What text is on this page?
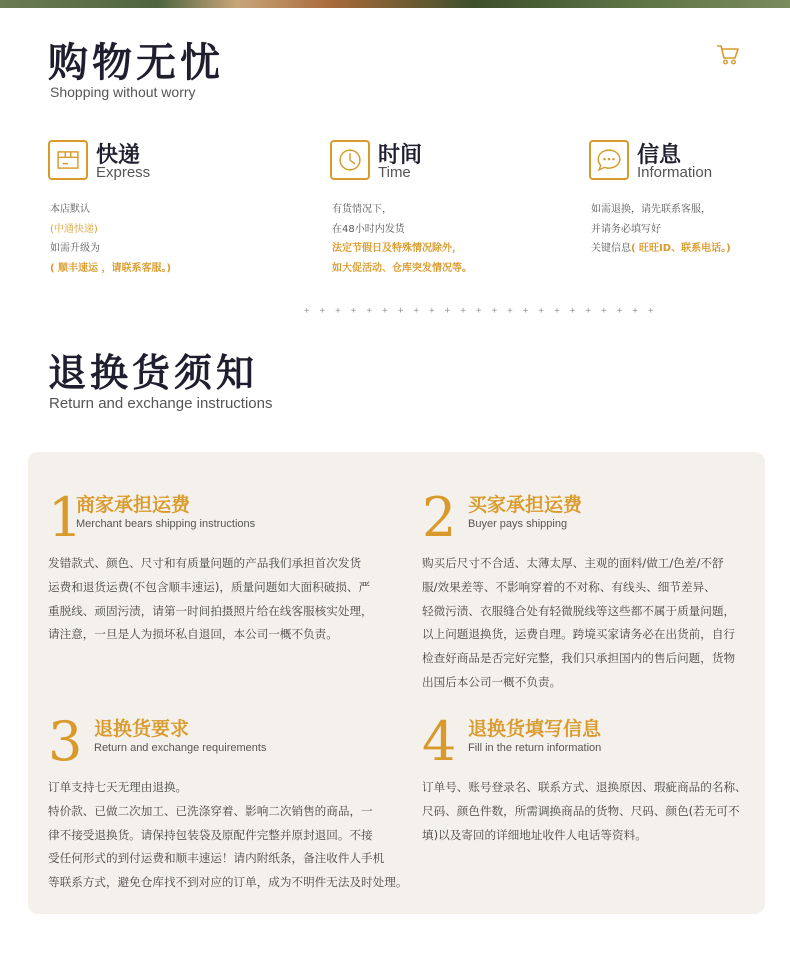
购物无忧
Shopping without worry
快递
Express
本店默认
(中通快递)
如需升级为
( 顺丰速运 ，请联系客服。)
时间
Time
有货情况下，
在48小时内发货
法定节假日及特殊情况除外，
如大促活动、仓库突发情况等。
信息
Information
如需退换，请先联系客服，
并请务必填写好
关键信息( 旺旺ID、联系电话。)
+ + + + + + + + + + + + + + + + + + + + + + +
退换货须知
Return and exchange instructions
1
商家承担运费
Merchant bears shipping instructions

发错款式、颜色、尺寸和有质量问题的产品我们承担首次发货

运费和退货运费(不包含顺丰速运)，质量问题如大面积破损、严

重脱线、顽固污渍，请第一时间拍摄照片给在线客服核实处理，

请注意，一旦是人为损坏私自退回，本公司一概不负责。

2 买家承担运费
Buyer pays shipping

购买后尺寸不合适、太薄太厚、主观的面料/做工/色差/不舒

服/效果差等、不影响穿着的不对称、有线头、细节差异、

轻微污渍、衣服缝合处有轻微脱线等这些都不属于质量问题，

以上问题退换货，运费自理。跨境买家请务必在出货前，自行

检查好商品是否完好完整，我们只承担国内的售后问题，货物

出国后本公司一概不负责。

3 退换货要求
Return and exchange requirements

订单支持七天无理由退换。

特价款、已做二次加工、已洗涤穿着、影响二次销售的商品，一

律不接受退换货。请保持包装袋及原配件完整并原封退回。不接

受任何形式的到付运费和顺丰速运！请内附纸条，备注收件人手机

等联系方式，避免仓库找不到对应的订单，成为不明件无法及时处理。

4 退换货填写信息
Fill in the return information

订单号、账号登录名、联系方式、退换原因、瑕疵商品的名称、

尺码、颜色件数，所需调换商品的货物、尺码、颜色(若无可不

填)以及寄回的详细地址收件人电话等资料。
